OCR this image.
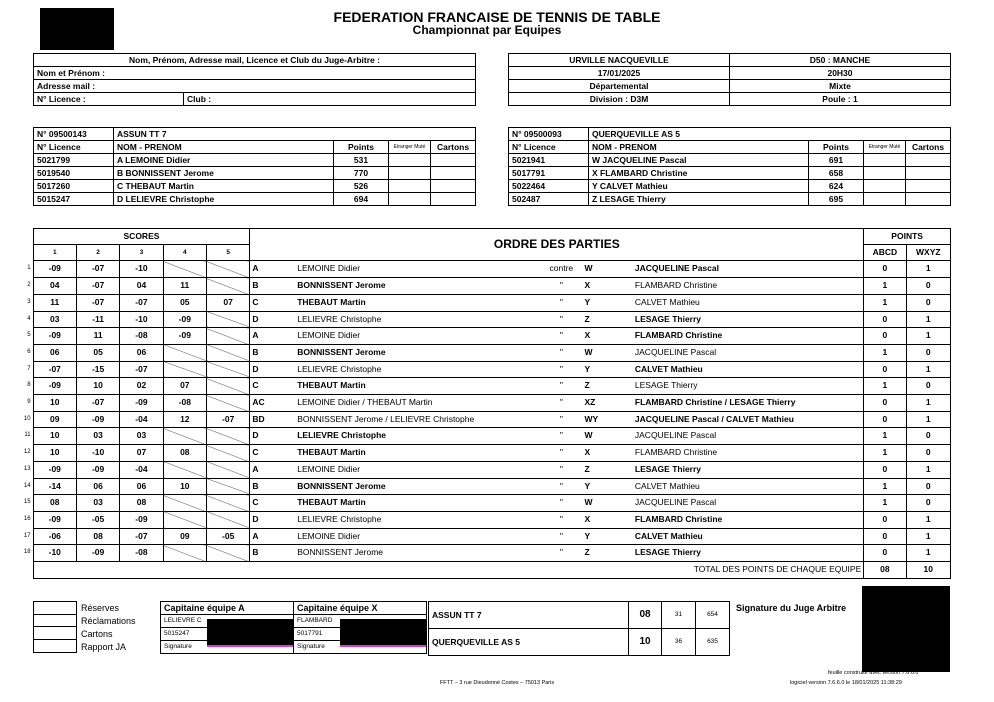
FEDERATION FRANCAISE DE TENNIS DE TABLE
Championnat par Equipes
Nom, Prénom, Adresse mail, Licence et Club du Juge-Arbitre :
Nom et Prénom :
Adresse mail :
N° Licence :	Club :
URVILLE NACQUEVILLE	D50 : MANCHE
17/01/2025	20H30
Départemental	Mixte
Division : D3M	Poule : 1
N° 09500143	ASSUN TT 7			
N° Licence	NOM - PRENOM	Points	Etranger Muté	Cartons
5021799	A LEMOINE Didier	531		
5019540	B BONNISSENT Jerome	770		
5017260	C THEBAUT Martin	526		
5015247	D LELIEVRE Christophe	694		
N° 09500093	QUERQUEVILLE AS 5			
N° Licence	NOM - PRENOM	Points	Etranger Muté	Cartons
5021941	W JACQUELINE Pascal	691		
5017791	X FLAMBARD Christine	658		
5022464	Y CALVET Mathieu	624		
502487	Z LESAGE Thierry	695		
	SCORES					ORDRE DES PARTIES					POINTS	
	1	2	3	4	5						ABCD	WXYZ
1	-09	-07	-10			A	LEMOINE Didier	contre	W	JACQUELINE Pascal	0	1
2	04	-07	04	11		B	BONNISSENT Jerome	"	X	FLAMBARD Christine	1	0
3	11	-07	-07	05	07	C	THEBAUT Martin	"	Y	CALVET Mathieu	1	0
4	03	-11	-10	-09		D	LELIEVRE Christophe	"	Z	LESAGE Thierry	0	1
5	-09	11	-08	-09		A	LEMOINE Didier	"	X	FLAMBARD Christine	0	1
6	06	05	06			B	BONNISSENT Jerome	"	W	JACQUELINE Pascal	1	0
7	-07	-15	-07			D	LELIEVRE Christophe	"	Y	CALVET Mathieu	0	1
8	-09	10	02	07		C	THEBAUT Martin	"	Z	LESAGE Thierry	1	0
9	10	-07	-09	-08		AC	LEMOINE Didier / THEBAUT Martin	"	XZ	FLAMBARD Christine / LESAGE Thierry	0	1
10	09	-09	-04	12	-07	BD	BONNISSENT Jerome / LELIEVRE Christophe	"	WY	JACQUELINE Pascal / CALVET Mathieu	0	1
11	10	03	03			D	LELIEVRE Christophe	"	W	JACQUELINE Pascal	1	0
12	10	-10	07	08		C	THEBAUT Martin	"	X	FLAMBARD Christine	1	0
13	-09	-09	-04			A	LEMOINE Didier	"	Z	LESAGE Thierry	0	1
14	-14	06	06	10		B	BONNISSENT Jerome	"	Y	CALVET Mathieu	1	0
15	08	03	08			C	THEBAUT Martin	"	W	JACQUELINE Pascal	1	0
16	-09	-05	-09			D	LELIEVRE Christophe	"	X	FLAMBARD Christine	0	1
17	-06	08	-07	09	-05	A	LEMOINE Didier	"	Y	CALVET Mathieu	0	1
18	-10	-09	-08			B	BONNISSENT Jerome	"	Z	LESAGE Thierry	0	1
	TOTAL DES POINTS DE CHAQUE EQUIPE										08	10
Réserves
Réclamations
Cartons
Rapport JA
Capitaine équipe A	Capitaine équipe X
LELIEVRE C	FLAMBARD
5015247	5017791
Signature	Signature
ASSUN TT 7	08	31	654
QUERQUEVILLE AS 5	10	36	635
Signature du Juge Arbitre
feuille construite avec version 7.6.6.0
FFTT – 3 rue Dieudonné Costes – 75013 Paris	logiciel version 7.6.6.0 le 18/01/2025 11:38:29
